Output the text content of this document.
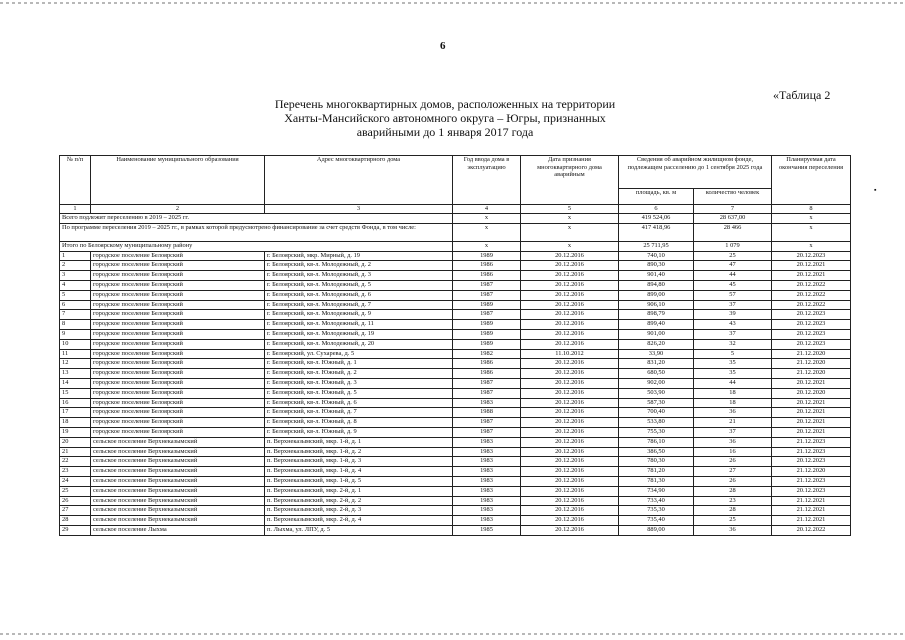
6
«Таблица 2
Перечень многоквартирных домов, расположенных на территории
Ханты-Мансийского автономного округа – Югры, признанных
аварийными до 1 января 2017 года
▪
№ п/п	Наименование муниципального образования	Адрес многоквартирного дома	Год ввода дома в эксплуатацию	Дата признания многоквартирного дома аварийным	Сведения об аварийном жилищном фонде, подлежащем расселению до 1 сентября 2025 года		Планируемая дата окончания переселения
					площадь, кв. м	количество человек	
1	2	3	4	5	6	7	8
Всего подлежит переселению в 2019 – 2025 гг.			x	x	419 524,06	28 637,00	x
По программе переселения 2019 – 2025 гг., в рамках которой предусмотрено финансирование за счет средств Фонда, в том числе:			x	x	417 418,96	28 466	x
Итого по Белоярскому муниципальному району			x	x	25 711,95	1 079	x
1	городское поселение Белоярский	г. Белоярский, мкр. Мирный, д. 19	1989	20.12.2016	740,10	25	20.12.2023
2	городское поселение Белоярский	г. Белоярский, кв-л. Молодежный, д. 2	1986	20.12.2016	890,30	47	20.12.2021
3	городское поселение Белоярский	г. Белоярский, кв-л. Молодежный, д. 3	1986	20.12.2016	901,40	44	20.12.2021
4	городское поселение Белоярский	г. Белоярский, кв-л. Молодежный, д. 5	1987	20.12.2016	894,80	45	20.12.2022
5	городское поселение Белоярский	г. Белоярский, кв-л. Молодежный, д. 6	1987	20.12.2016	899,00	57	20.12.2022
6	городское поселение Белоярский	г. Белоярский, кв-л. Молодежный, д. 7	1989	20.12.2016	906,10	37	20.12.2022
7	городское поселение Белоярский	г. Белоярский, кв-л. Молодежный, д. 9	1987	20.12.2016	898,79	39	20.12.2023
8	городское поселение Белоярский	г. Белоярский, кв-л. Молодежный, д. 11	1989	20.12.2016	899,40	43	20.12.2023
9	городское поселение Белоярский	г. Белоярский, кв-л. Молодежный, д. 19	1989	20.12.2016	901,00	37	20.12.2023
10	городское поселение Белоярский	г. Белоярский, кв-л. Молодежный, д. 20	1989	20.12.2016	826,20	32	20.12.2023
11	городское поселение Белоярский	г. Белоярский, ул. Сухарева, д. 5	1982	11.10.2012	33,90	5	21.12.2020
12	городское поселение Белоярский	г. Белоярский, кв-л. Южный, д. 1	1986	20.12.2016	831,20	35	21.12.2020
13	городское поселение Белоярский	г. Белоярский, кв-л. Южный, д. 2	1986	20.12.2016	680,50	35	21.12.2020
14	городское поселение Белоярский	г. Белоярский, кв-л. Южный, д. 3	1987	20.12.2016	902,00	44	20.12.2021
15	городское поселение Белоярский	г. Белоярский, кв-л. Южный, д. 5	1987	20.12.2016	503,90	18	20.12.2020
16	городское поселение Белоярский	г. Белоярский, кв-л. Южный, д. 6	1983	20.12.2016	587,30	18	20.12.2021
17	городское поселение Белоярский	г. Белоярский, кв-л. Южный, д. 7	1988	20.12.2016	700,40	36	20.12.2021
18	городское поселение Белоярский	г. Белоярский, кв-л. Южный, д. 8	1987	20.12.2016	533,80	21	20.12.2021
19	городское поселение Белоярский	г. Белоярский, кв-л. Южный, д. 9	1987	20.12.2016	755,30	37	20.12.2021
20	сельское поселение Верхнеказымский	п. Верхнеказымский, мкр. 1-й, д. 1	1983	20.12.2016	786,10	36	21.12.2023
21	сельское поселение Верхнеказымский	п. Верхнеказымский, мкр. 1-й, д. 2	1983	20.12.2016	386,50	16	21.12.2023
22	сельское поселение Верхнеказымский	п. Верхнеказымский, мкр. 1-й, д. 3	1983	20.12.2016	780,30	26	20.12.2023
23	сельское поселение Верхнеказымский	п. Верхнеказымский, мкр. 1-й, д. 4	1983	20.12.2016	781,20	27	21.12.2020
24	сельское поселение Верхнеказымский	п. Верхнеказымский, мкр. 1-й, д. 5	1983	20.12.2016	781,30	26	21.12.2023
25	сельское поселение Верхнеказымский	п. Верхнеказымский, мкр. 2-й, д. 1	1983	20.12.2016	734,90	28	20.12.2023
26	сельское поселение Верхнеказымский	п. Верхнеказымский, мкр. 2-й, д. 2	1983	20.12.2016	733,40	23	21.12.2021
27	сельское поселение Верхнеказымский	п. Верхнеказымский, мкр. 2-й, д. 3	1983	20.12.2016	735,30	28	21.12.2021
28	сельское поселение Верхнеказымский	п. Верхнеказымский, мкр. 2-й, д. 4	1983	20.12.2016	735,40	25	21.12.2021
29	сельское поселение Лыхма	п. Лыхма, ул. ЛПУ, д. 5	1985	20.12.2016	889,00	36	20.12.2022
